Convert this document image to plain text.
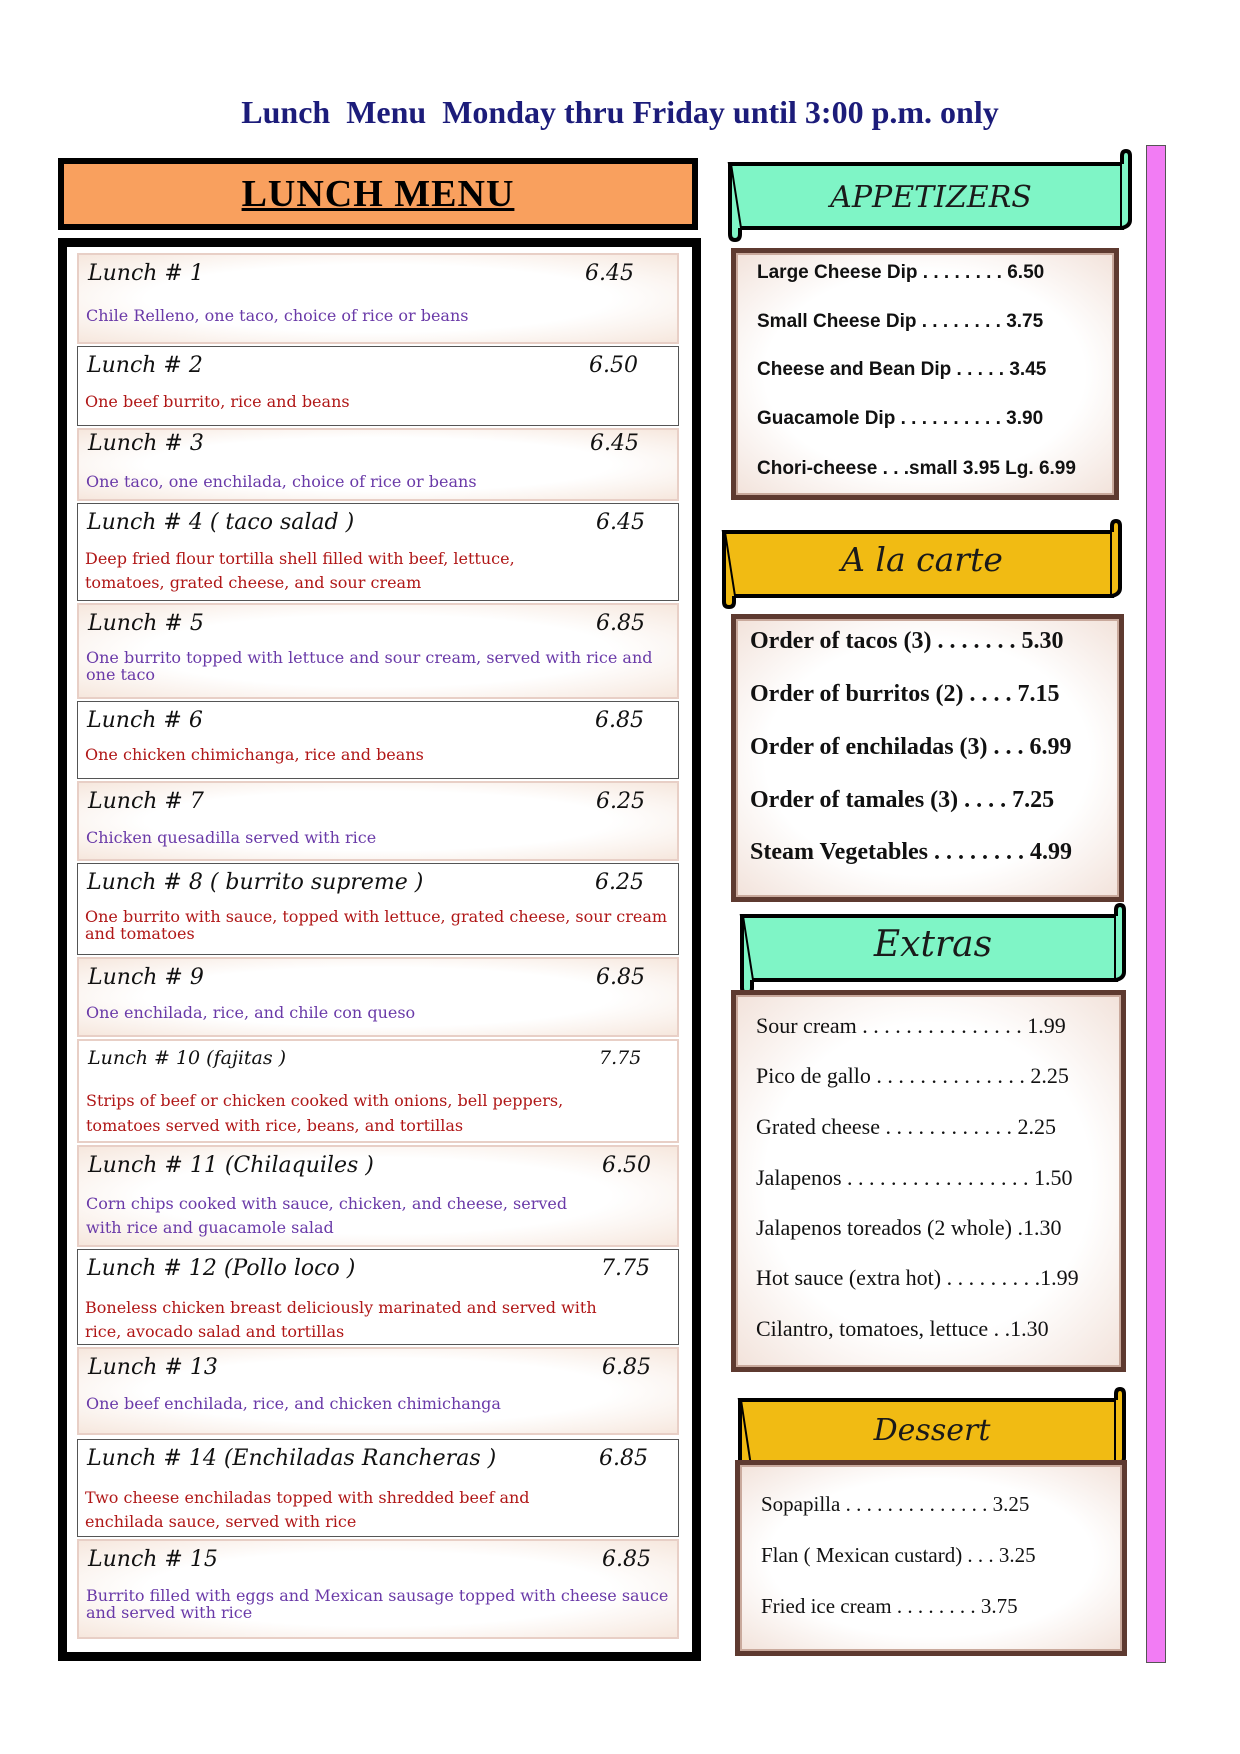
Lunch  Menu  Monday thru Friday until 3:00 p.m. only
LUNCH MENU
Lunch # 1	6.45
Chile Relleno, one taco, choice of rice or beans
Lunch # 2	6.50
One beef burrito, rice and beans
Lunch # 3	6.45
One taco, one enchilada, choice of rice or beans
Lunch # 4 ( taco salad )	6.45
Deep fried flour tortilla shell filled with beef, lettuce, tomatoes, grated cheese, and sour cream
Lunch # 5	6.85
One burrito topped with lettuce and sour cream, served with rice and one taco
Lunch # 6	6.85
One chicken chimichanga, rice and beans
Lunch # 7	6.25
Chicken quesadilla served with rice
Lunch # 8 ( burrito supreme )	6.25
One burrito with sauce, topped with lettuce, grated cheese, sour cream and tomatoes
Lunch # 9	6.85
One enchilada, rice, and chile con queso
Lunch # 10 (fajitas )	7.75
Strips of beef or chicken cooked with onions, bell peppers, tomatoes served with rice, beans, and tortillas
Lunch # 11 (Chilaquiles )	6.50
Corn chips cooked with sauce, chicken, and cheese, served with rice and guacamole salad
Lunch # 12 (Pollo loco )	7.75
Boneless chicken breast deliciously marinated and served with rice, avocado salad and tortillas
Lunch # 13	6.85
One beef enchilada, rice, and chicken chimichanga
Lunch # 14 (Enchiladas Rancheras )	6.85
Two cheese enchiladas topped with shredded beef and enchilada sauce, served with rice
Lunch # 15	6.85
Burrito filled with eggs and Mexican sausage topped with cheese sauce and served with rice
APPETIZERS
Large Cheese Dip . . . . . . . . 6.50
Small Cheese Dip . . . . . . . . 3.75
Cheese and Bean Dip . . . . . 3.45
Guacamole Dip . . . . . . . . . . 3.90
Chori-cheese . . .small 3.95 Lg. 6.99
A la carte
Order of tacos (3) . . . . . . . 5.30
Order of burritos (2) . . . . 7.15
Order of enchiladas (3) . . . 6.99
Order of tamales (3) . . . . 7.25
Steam Vegetables . . . . . . . . 4.99
Extras
Sour cream . . . . . . . . . . . . . . . 1.99
Pico de gallo . . . . . . . . . . . . . . 2.25
Grated cheese . . . . . . . . . . . . 2.25
Jalapenos . . . . . . . . . . . . . . . . . 1.50
Jalapenos toreados (2 whole) .1.30
Hot sauce (extra hot) . . . . . . . . .1.99
Cilantro, tomatoes, lettuce . .1.30
Dessert
Sopapilla . . . . . . . . . . . . . . 3.25
Flan ( Mexican custard) . . . 3.25
Fried ice cream . . . . . . . . 3.75
